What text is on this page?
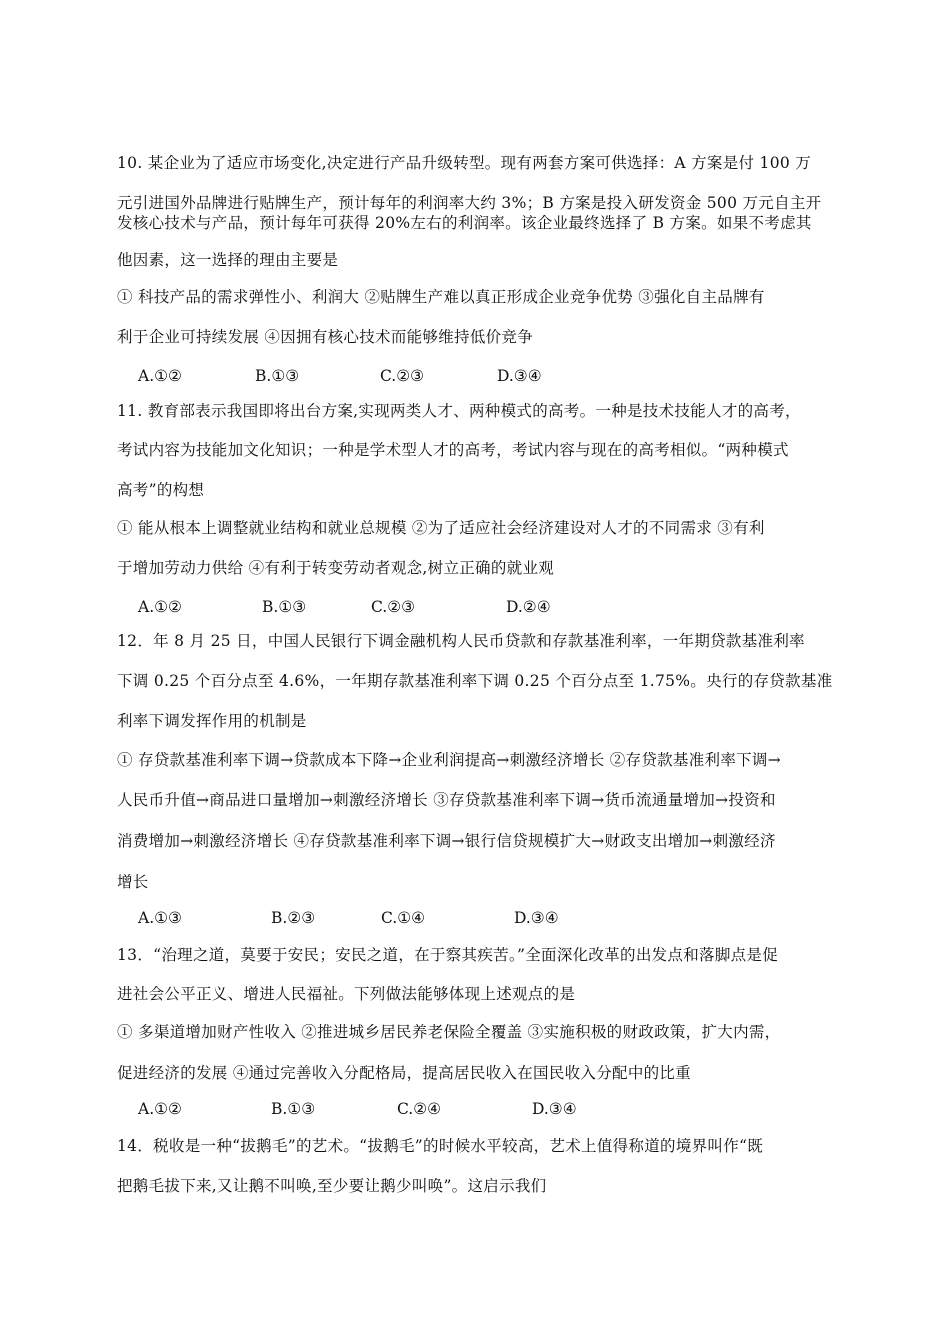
10. 某企业为了适应市场变化,决定进行产品升级转型。现有两套方案可供选择：A 方案是付 100 万
元引进国外品牌进行贴牌生产，预计每年的利润率大约 3%；B 方案是投入研发资金 500 万元自主开
发核心技术与产品，预计每年可获得 20%左右的利润率。该企业最终选择了 B 方案。如果不考虑其
他因素，这一选择的理由主要是
① 科技产品的需求弹性小、利润大 ②贴牌生产难以真正形成企业竞争优势 ③强化自主品牌有
利于企业可持续发展 ④因拥有核心技术而能够维持低价竞争
A.①②	B.①③	C.②③	D.③④
11. 教育部表示我国即将出台方案,实现两类人才、两种模式的高考。一种是技术技能人才的高考，
考试内容为技能加文化知识；一种是学术型人才的高考，考试内容与现在的高考相似。“两种模式
高考”的构想
① 能从根本上调整就业结构和就业总规模 ②为了适应社会经济建设对人才的不同需求 ③有利
于增加劳动力供给 ④有利于转变劳动者观念,树立正确的就业观
A.①②	B.①③	C.②③	D.②④
12．年 8 月 25 日，中国人民银行下调金融机构人民币贷款和存款基准利率，一年期贷款基准利率
下调 0.25 个百分点至 4.6%，一年期存款基准利率下调 0.25 个百分点至 1.75%。央行的存贷款基准
利率下调发挥作用的机制是
① 存贷款基准利率下调→贷款成本下降→企业利润提高→刺激经济增长 ②存贷款基准利率下调→
人民币升值→商品进口量增加→刺激经济增长 ③存贷款基准利率下调→货币流通量增加→投资和
消费增加→刺激经济增长 ④存贷款基准利率下调→银行信贷规模扩大→财政支出增加→刺激经济
增长
A.①③	B.②③	C.①④	D.③④
13．“治理之道，莫要于安民；安民之道，在于察其疾苦。”全面深化改革的出发点和落脚点是促
进社会公平正义、增进人民福祉。下列做法能够体现上述观点的是
① 多渠道增加财产性收入 ②推进城乡居民养老保险全覆盖 ③实施积极的财政政策，扩大内需，
促进经济的发展 ④通过完善收入分配格局，提高居民收入在国民收入分配中的比重
A.①②	B.①③	C.②④	D.③④
14．税收是一种“拔鹅毛”的艺术。“拔鹅毛”的时候水平较高，艺术上值得称道的境界叫作“既
把鹅毛拔下来,又让鹅不叫唤,至少要让鹅少叫唤”。这启示我们
